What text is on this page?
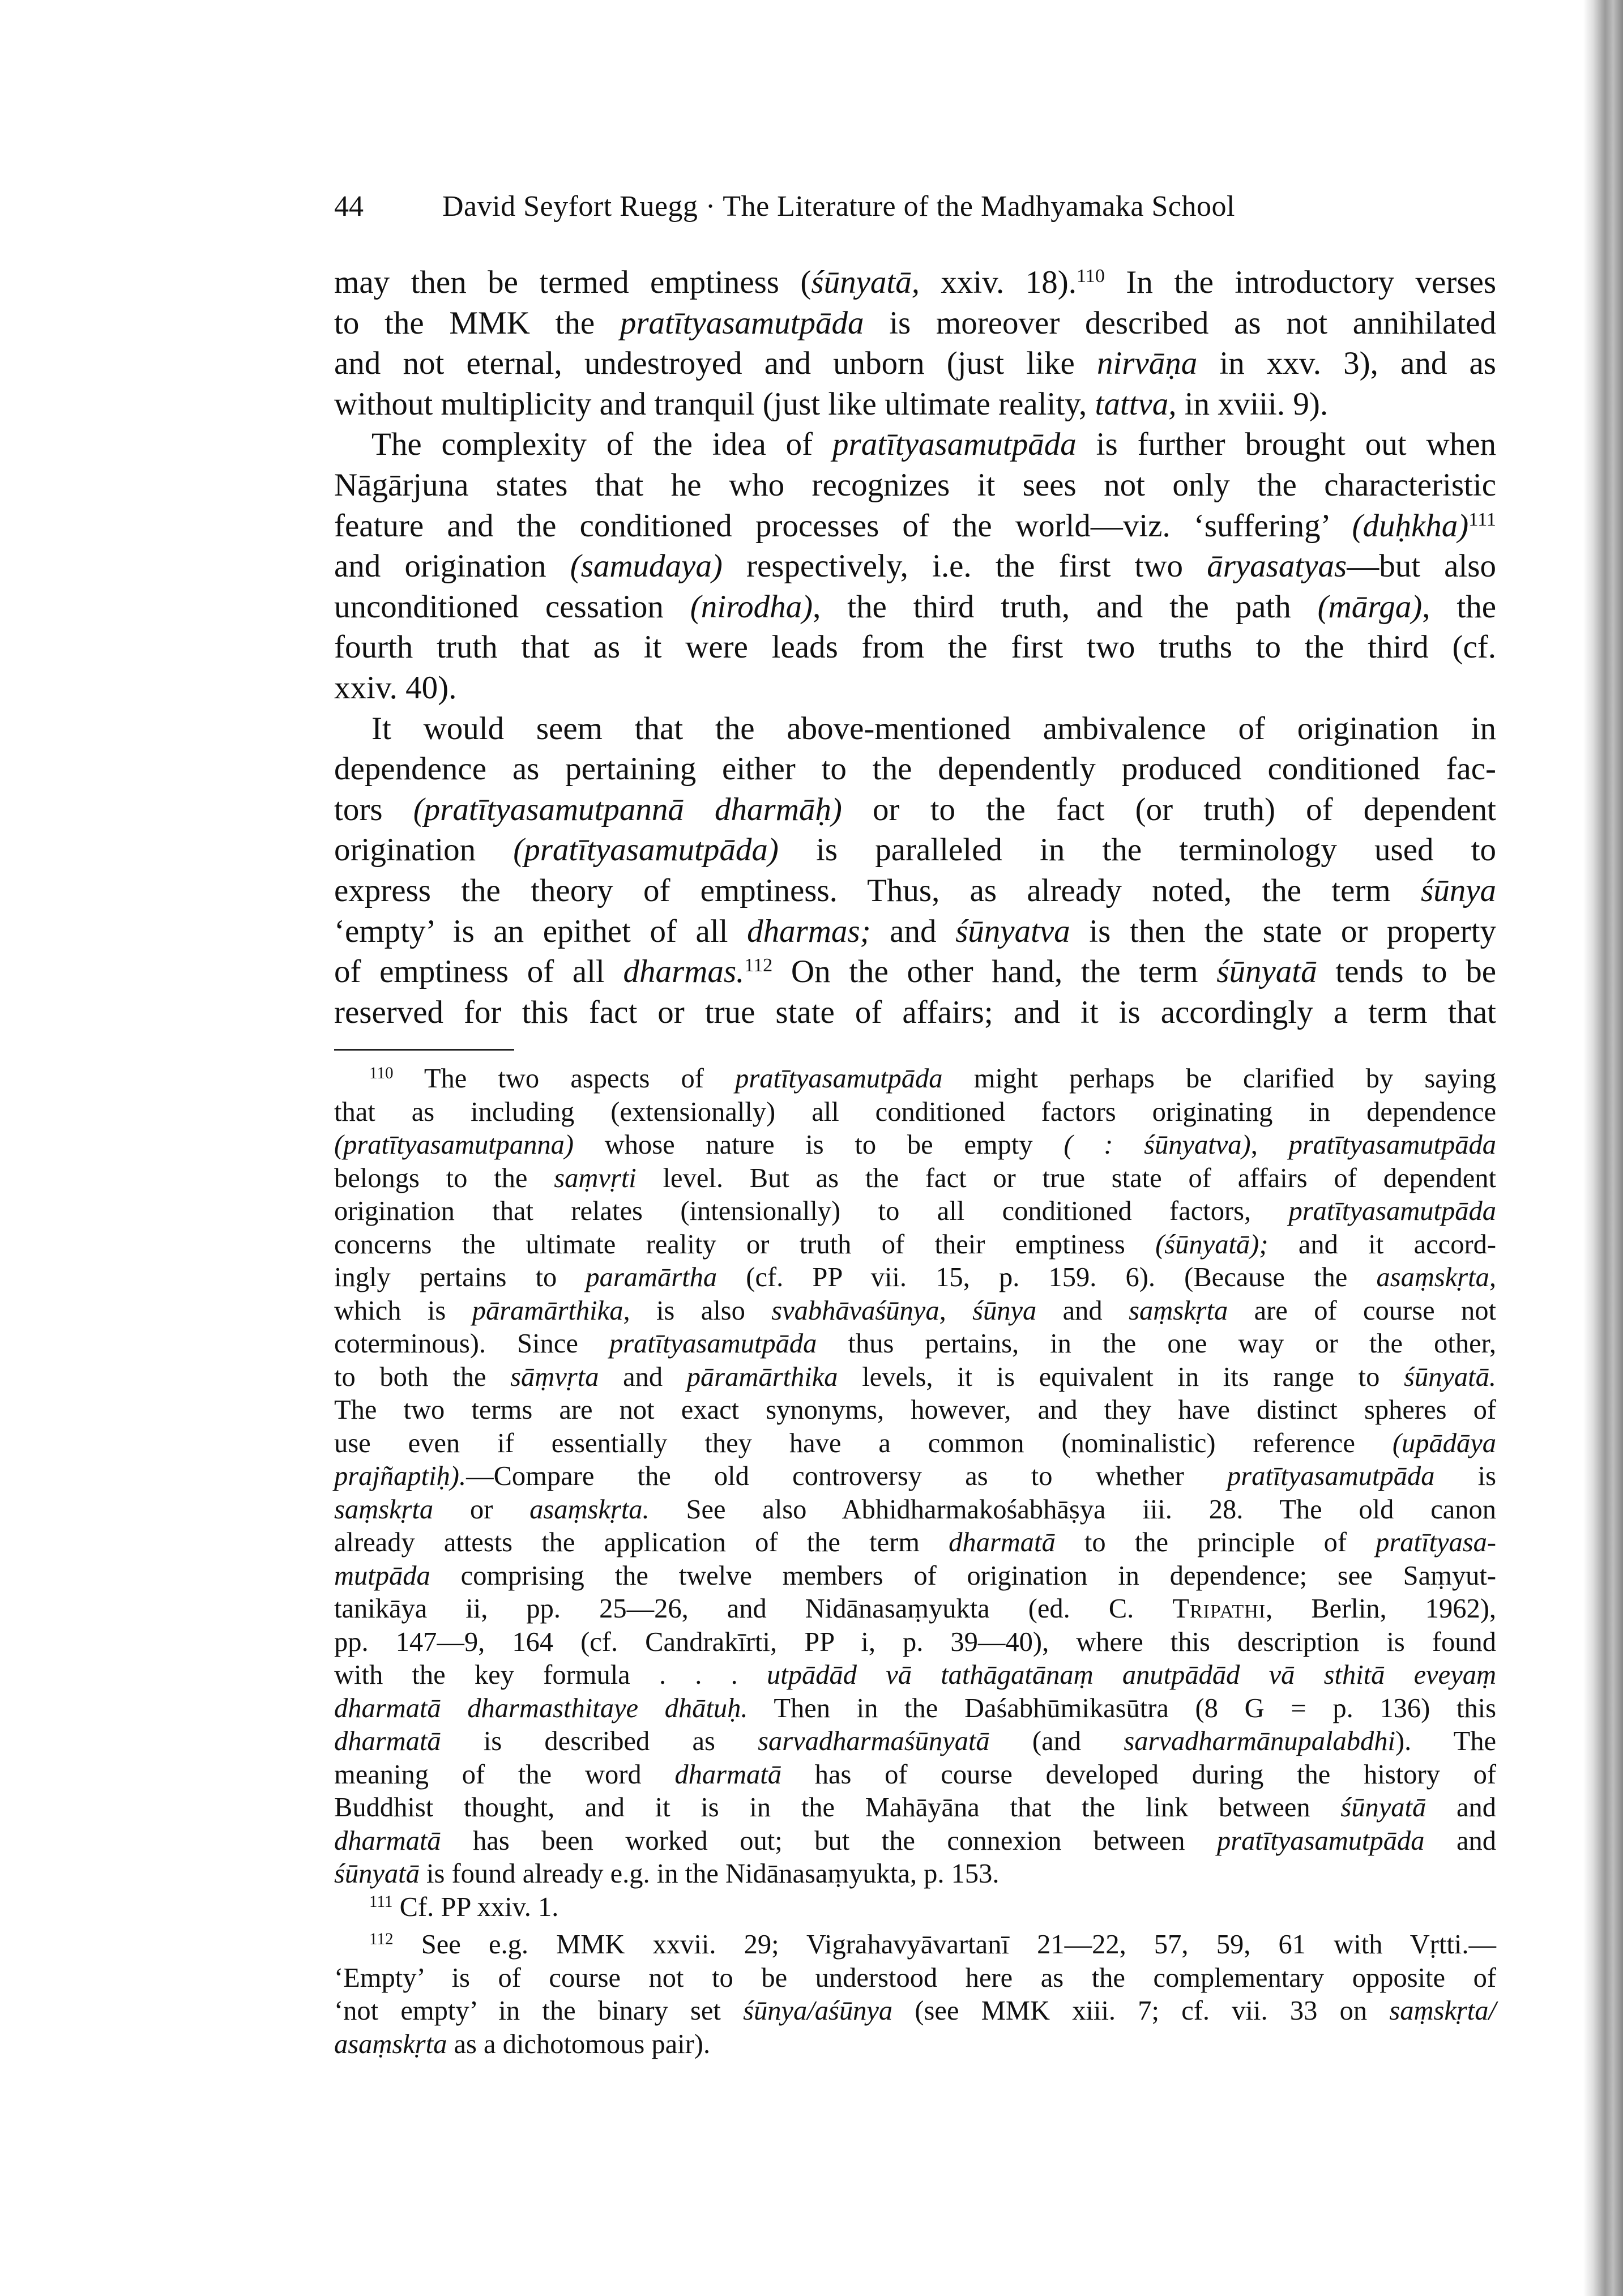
44	David Seyfort Ruegg · The Literature of the Madhyamaka School
may then be termed emptiness (śūnyatā, xxiv. 18).$^{110}$ In the introductory verses
to the MMK the pratītyasamutpāda is moreover described as not annihilated
and not eternal, undestroyed and unborn (just like nirvāṇa in xxv. 3), and as
without multiplicity and tranquil (just like ultimate reality, tattva, in xviii. 9).
The complexity of the idea of pratītyasamutpāda is further brought out when
Nāgārjuna states that he who recognizes it sees not only the characteristic
feature and the conditioned processes of the world—viz. ‘suffering’ (duḥkha)$^{111}$
and origination (samudaya) respectively, i.e. the first two āryasatyas—but also
unconditioned cessation (nirodha), the third truth, and the path (mārga), the
fourth truth that as it were leads from the first two truths to the third (cf.
xxiv. 40).
It would seem that the above-mentioned ambivalence of origination in
dependence as pertaining either to the dependently produced conditioned fac-
tors (pratītyasamutpannā dharmāḥ) or to the fact (or truth) of dependent
origination (pratītyasamutpāda) is paralleled in the terminology used to
express the theory of emptiness. Thus, as already noted, the term śūnya
‘empty’ is an epithet of all dharmas; and śūnyatva is then the state or property
of emptiness of all dharmas.$^{112}$ On the other hand, the term śūnyatā tends to be
reserved for this fact or true state of affairs; and it is accordingly a term that
$^{110}$ The two aspects of pratītyasamutpāda might perhaps be clarified by saying
that as including (extensionally) all conditioned factors originating in dependence
(pratītyasamutpanna) whose nature is to be empty ( : śūnyatva), pratītyasamutpāda
belongs to the saṃvṛti level. But as the fact or true state of affairs of dependent
origination that relates (intensionally) to all conditioned factors, pratītyasamutpāda
concerns the ultimate reality or truth of their emptiness (śūnyatā); and it accord-
ingly pertains to paramārtha (cf. PP vii. 15, p. 159. 6). (Because the asaṃskṛta,
which is pāramārthika, is also svabhāvaśūnya, śūnya and saṃskṛta are of course not
coterminous). Since pratītyasamutpāda thus pertains, in the one way or the other,
to both the sāṃvṛta and pāramārthika levels, it is equivalent in its range to śūnyatā.
The two terms are not exact synonyms, however, and they have distinct spheres of
use even if essentially they have a common (nominalistic) reference (upādāya
prajñaptiḥ).—Compare the old controversy as to whether pratītyasamutpāda is
saṃskṛta or asaṃskṛta. See also Abhidharmakośabhāṣya iii. 28. The old canon
already attests the application of the term dharmatā to the principle of pratītyasa-
mutpāda comprising the twelve members of origination in dependence; see Saṃyut-
tanikāya ii, pp. 25—26, and Nidānasaṃyukta (ed. C. Tripathi, Berlin, 1962),
pp. 147—9, 164 (cf. Candrakīrti, PP i, p. 39—40), where this description is found
with the key formula . . . utpādād vā tathāgatānaṃ anutpādād vā sthitā eveyaṃ
dharmatā dharmasthitaye dhātuḥ. Then in the Daśabhūmikasūtra (8 G = p. 136) this
dharmatā is described as sarvadharmaśūnyatā (and sarvadharmānupalabdhi). The
meaning of the word dharmatā has of course developed during the history of
Buddhist thought, and it is in the Mahāyāna that the link between śūnyatā and
dharmatā has been worked out; but the connexion between pratītyasamutpāda and
śūnyatā is found already e.g. in the Nidānasaṃyukta, p. 153.
$^{111}$ Cf. PP xxiv. 1.
$^{112}$ See e.g. MMK xxvii. 29; Vigrahavyāvartanī 21—22, 57, 59, 61 with Vṛtti.—
‘Empty’ is of course not to be understood here as the complementary opposite of
‘not empty’ in the binary set śūnya/aśūnya (see MMK xiii. 7; cf. vii. 33 on saṃskṛta/
asaṃskṛta as a dichotomous pair).
